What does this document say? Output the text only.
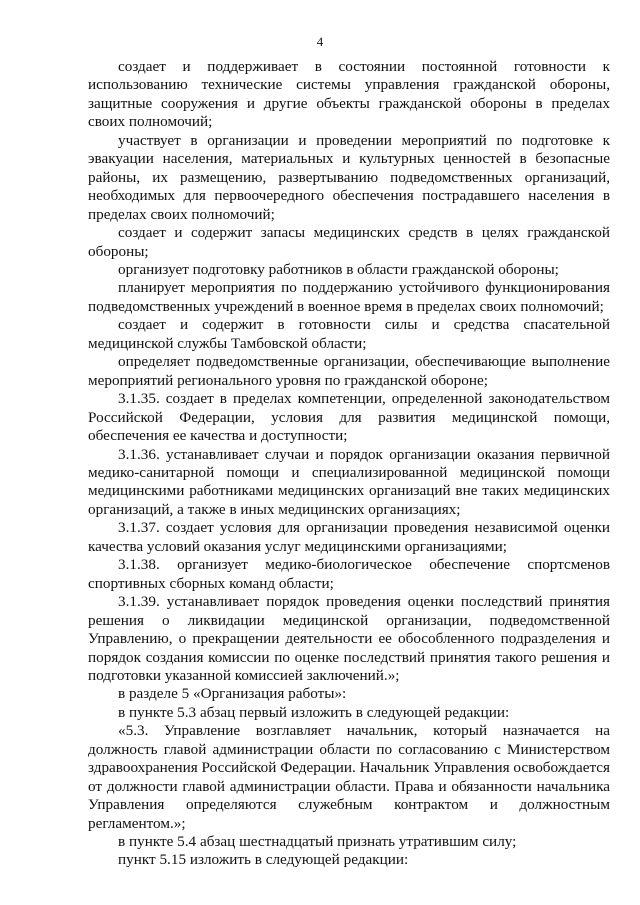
4

создает и поддерживает в состоянии постоянной готовности к использованию технические системы управления гражданской обороны, защитные сооружения и другие объекты гражданской обороны в пределах своих полномочий;

участвует в организации и проведении мероприятий по подготовке к эвакуации населения, материальных и культурных ценностей в безопасные районы, их размещению, развертыванию подведомственных организаций, необходимых для первоочередного обеспечения пострадавшего населения в пределах своих полномочий;

создает и содержит запасы медицинских средств в целях гражданской обороны;

организует подготовку работников в области гражданской обороны;

планирует мероприятия по поддержанию устойчивого функционирования подведомственных учреждений в военное время в пределах своих полномочий;

создает и содержит в готовности силы и средства спасательной медицинской службы Тамбовской области;

определяет подведомственные организации, обеспечивающие выполнение мероприятий регионального уровня по гражданской обороне;

3.1.35. создает в пределах компетенции, определенной законодательством Российской Федерации, условия для развития медицинской помощи, обеспечения ее качества и доступности;

3.1.36. устанавливает случаи и порядок организации оказания первичной медико-санитарной помощи и специализированной медицинской помощи медицинскими работниками медицинских организаций вне таких медицинских организаций, а также в иных медицинских организациях;

3.1.37. создает условия для организации проведения независимой оценки качества условий оказания услуг медицинскими организациями;

3.1.38. организует медико-биологическое обеспечение спортсменов спортивных сборных команд области;

3.1.39. устанавливает порядок проведения оценки последствий принятия решения о ликвидации медицинской организации, подведомственной Управлению, о прекращении деятельности ее обособленного подразделения и порядок создания комиссии по оценке последствий принятия такого решения и подготовки указанной комиссией заключений.»;

в разделе 5 «Организация работы»:

в пункте 5.3 абзац первый изложить в следующей редакции:

«5.3. Управление возглавляет начальник, который назначается на должность главой администрации области по согласованию с Министерством здравоохранения Российской Федерации. Начальник Управления освобождается от должности главой администрации области. Права и обязанности начальника Управления определяются служебным контрактом и должностным регламентом.»;

в пункте 5.4 абзац шестнадцатый признать утратившим силу;

пункт 5.15 изложить в следующей редакции:
